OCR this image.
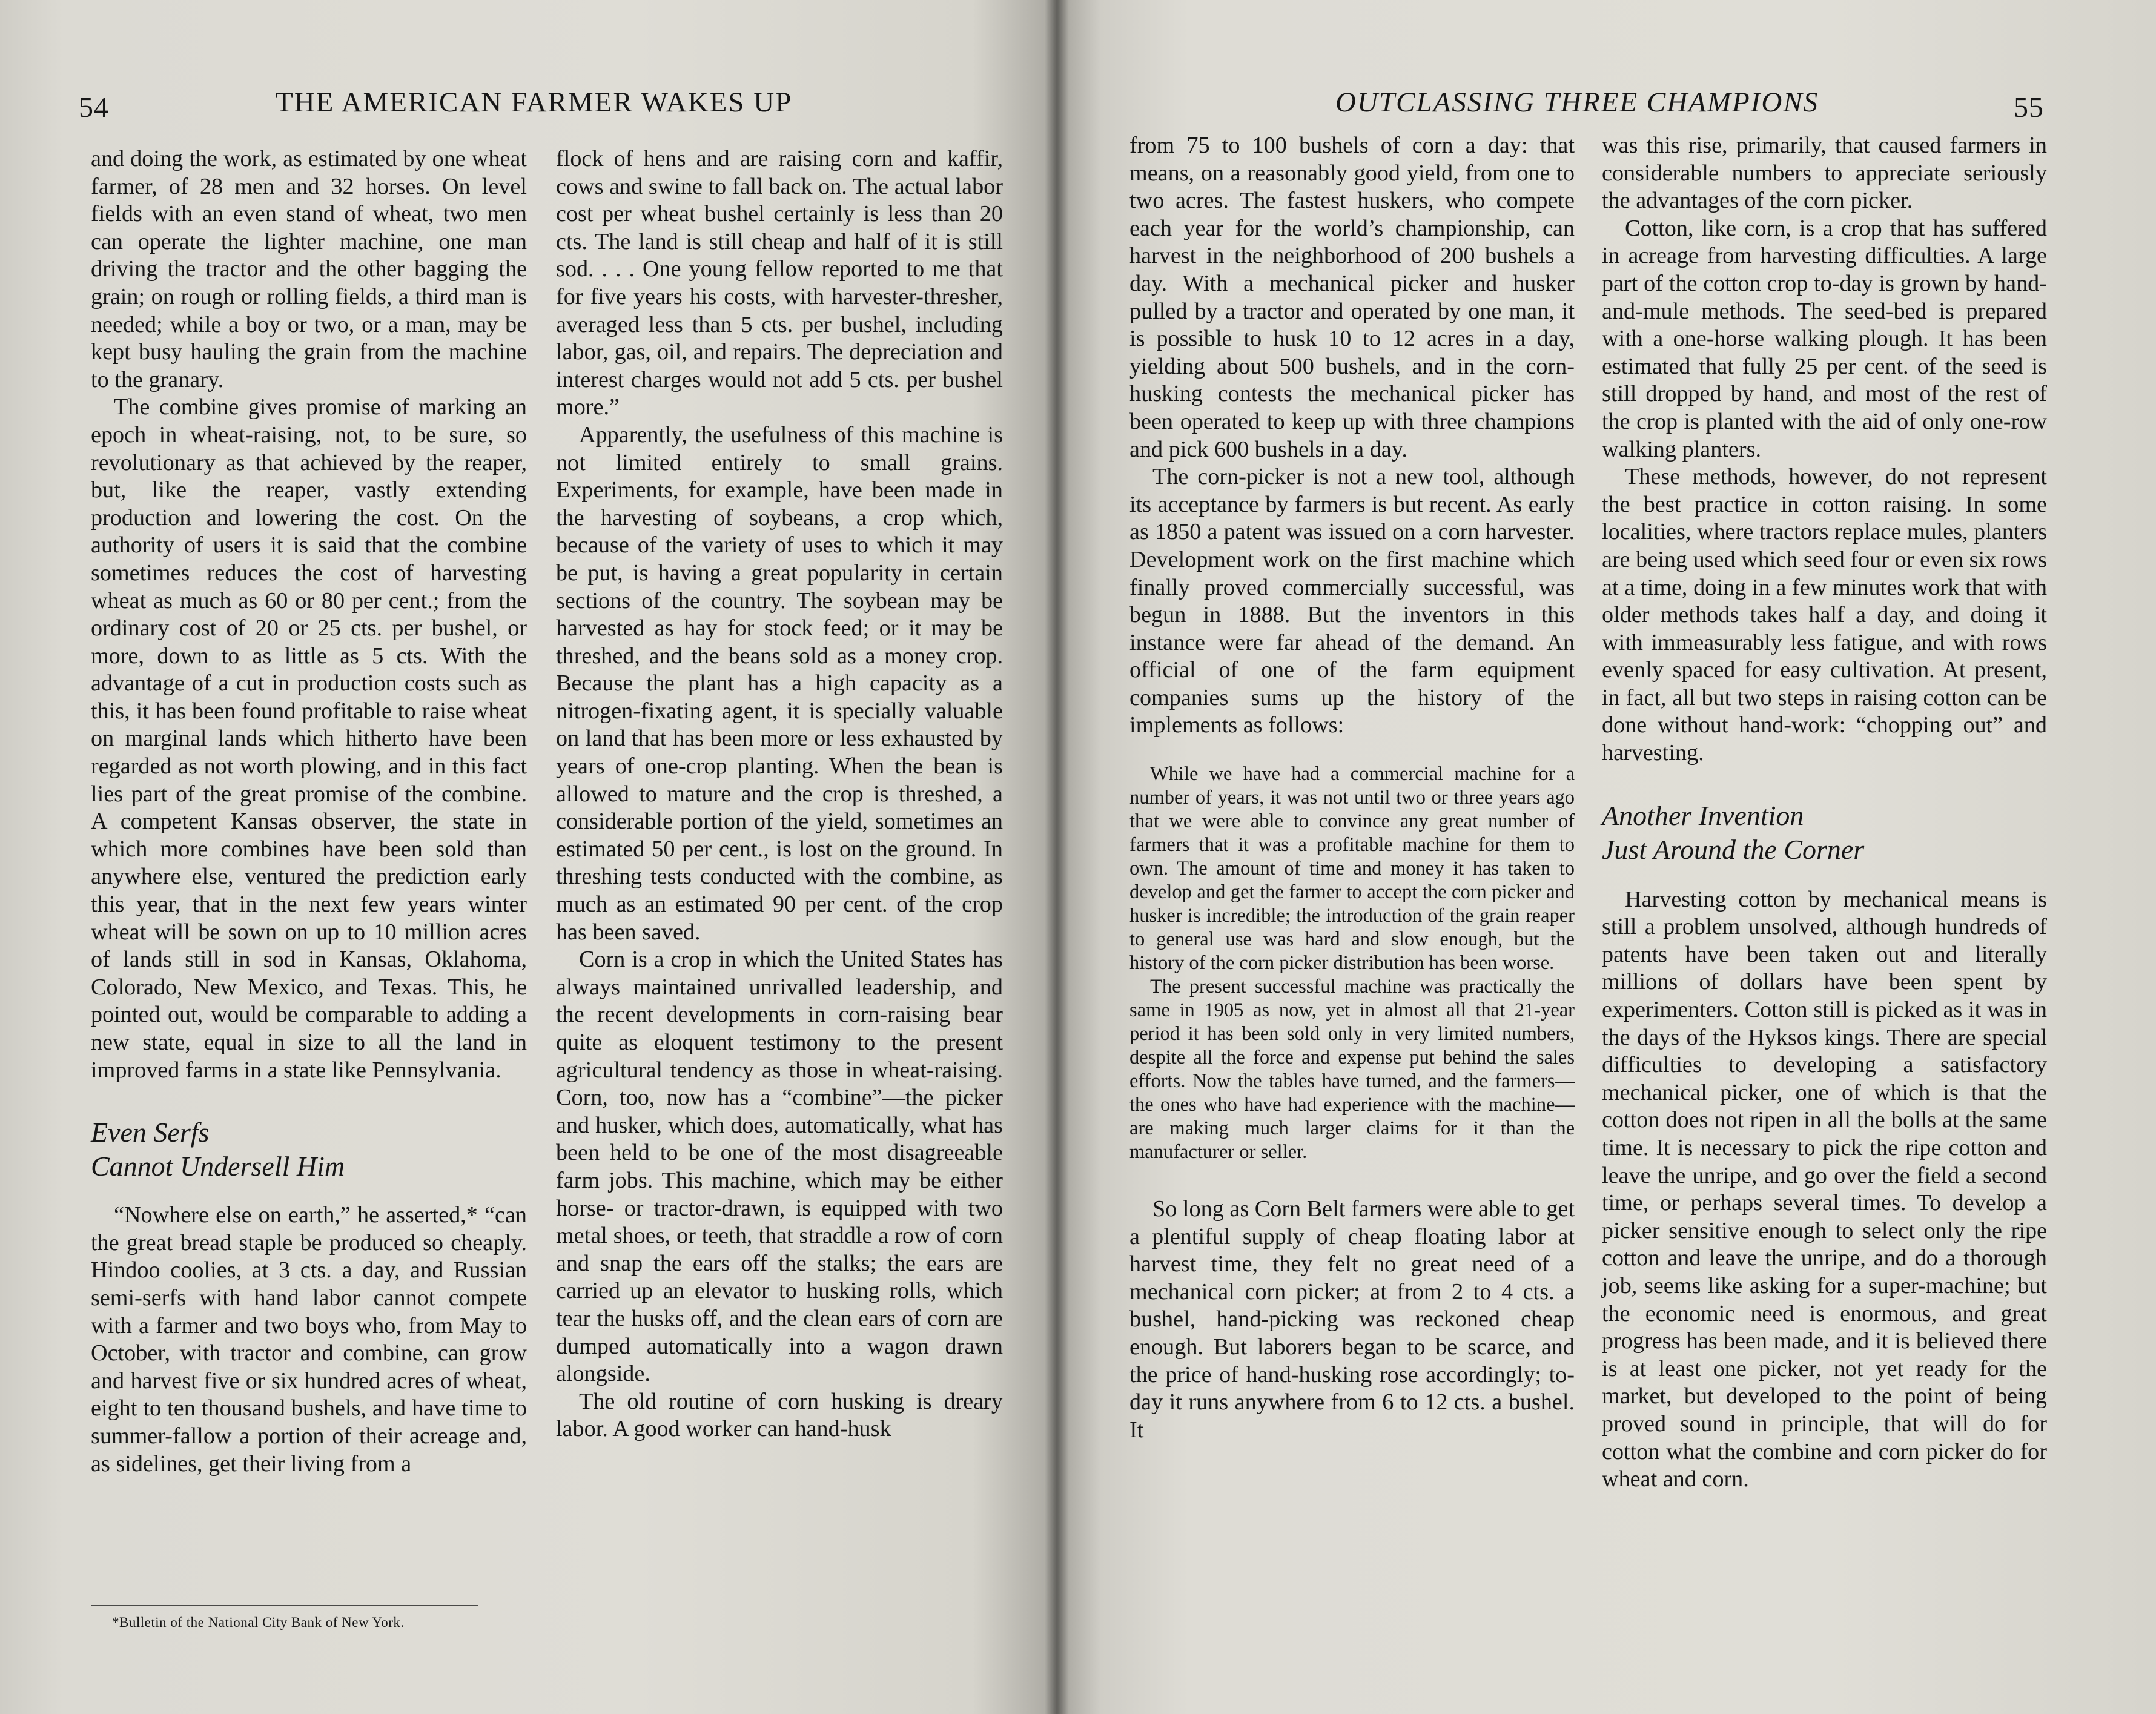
54	THE AMERICAN FARMER WAKES UP

and doing the work, as estimated by one wheat farmer, of 28 men and 32 horses. On level fields with an even stand of wheat, two men can operate the lighter machine, one man driving the tractor and the other bagging the grain; on rough or rolling fields, a third man is needed; while a boy or two, or a man, may be kept busy hauling the grain from the machine to the granary.

The combine gives promise of marking an epoch in wheat-raising, not, to be sure, so revolutionary as that achieved by the reaper, but, like the reaper, vastly extending production and lowering the cost. On the authority of users it is said that the combine sometimes reduces the cost of harvesting wheat as much as 60 or 80 per cent.; from the ordinary cost of 20 or 25 cts. per bushel, or more, down to as little as 5 cts. With the advantage of a cut in production costs such as this, it has been found profitable to raise wheat on marginal lands which hitherto have been regarded as not worth plowing, and in this fact lies part of the great promise of the combine. A competent Kansas observer, the state in which more combines have been sold than anywhere else, ventured the prediction early this year, that in the next few years winter wheat will be sown on up to 10 million acres of lands still in sod in Kansas, Oklahoma, Colorado, New Mexico, and Texas. This, he pointed out, would be comparable to adding a new state, equal in size to all the land in improved farms in a state like Pennsylvania.

Even Serfs
Cannot Undersell Him

“Nowhere else on earth,” he asserted,* “can the great bread staple be produced so cheaply. Hindoo coolies, at 3 cts. a day, and Russian semi-serfs with hand labor cannot compete with a farmer and two boys who, from May to October, with tractor and combine, can grow and harvest five or six hundred acres of wheat, eight to ten thousand bushels, and have time to summer-fallow a portion of their acreage and, as sidelines, get their living from a

flock of hens and are raising corn and kaffir, cows and swine to fall back on. The actual labor cost per wheat bushel certainly is less than 20 cts. The land is still cheap and half of it is still sod. . . . One young fellow reported to me that for five years his costs, with harvester-thresher, averaged less than 5 cts. per bushel, including labor, gas, oil, and repairs. The depreciation and interest charges would not add 5 cts. per bushel more.”

Apparently, the usefulness of this machine is not limited entirely to small grains. Experiments, for example, have been made in the harvesting of soybeans, a crop which, because of the variety of uses to which it may be put, is having a great popularity in certain sections of the country. The soybean may be harvested as hay for stock feed; or it may be threshed, and the beans sold as a money crop. Because the plant has a high capacity as a nitrogen-fixating agent, it is specially valuable on land that has been more or less exhausted by years of one-crop planting. When the bean is allowed to mature and the crop is threshed, a considerable portion of the yield, sometimes an estimated 50 per cent., is lost on the ground. In threshing tests conducted with the combine, as much as an estimated 90 per cent. of the crop has been saved.

Corn is a crop in which the United States has always maintained unrivalled leadership, and the recent developments in corn-raising bear quite as eloquent testimony to the present agricultural tendency as those in wheat-raising. Corn, too, now has a “combine”—the picker and husker, which does, automatically, what has been held to be one of the most disagreeable farm jobs. This machine, which may be either horse- or tractor-drawn, is equipped with two metal shoes, or teeth, that straddle a row of corn and snap the ears off the stalks; the ears are carried up an elevator to husking rolls, which tear the husks off, and the clean ears of corn are dumped automatically into a wagon drawn alongside.

The old routine of corn husking is dreary labor. A good worker can hand-husk

*Bulletin of the National City Bank of New York.
OUTCLASSING THREE CHAMPIONS	55

from 75 to 100 bushels of corn a day: that means, on a reasonably good yield, from one to two acres. The fastest huskers, who compete each year for the world’s championship, can harvest in the neighborhood of 200 bushels a day. With a mechanical picker and husker pulled by a tractor and operated by one man, it is possible to husk 10 to 12 acres in a day, yielding about 500 bushels, and in the corn-husking contests the mechanical picker has been operated to keep up with three champions and pick 600 bushels in a day.

The corn-picker is not a new tool, although its acceptance by farmers is but recent. As early as 1850 a patent was issued on a corn harvester. Development work on the first machine which finally proved commercially successful, was begun in 1888. But the inventors in this instance were far ahead of the demand. An official of one of the farm equipment companies sums up the history of the implements as follows:

While we have had a commercial machine for a number of years, it was not until two or three years ago that we were able to convince any great number of farmers that it was a profitable machine for them to own. The amount of time and money it has taken to develop and get the farmer to accept the corn picker and husker is incredible; the introduction of the grain reaper to general use was hard and slow enough, but the history of the corn picker distribution has been worse.

The present successful machine was practically the same in 1905 as now, yet in almost all that 21-year period it has been sold only in very limited numbers, despite all the force and expense put behind the sales efforts. Now the tables have turned, and the farmers—the ones who have had experience with the machine—are making much larger claims for it than the manufacturer or seller.

So long as Corn Belt farmers were able to get a plentiful supply of cheap floating labor at harvest time, they felt no great need of a mechanical corn picker; at from 2 to 4 cts. a bushel, hand-picking was reckoned cheap enough. But laborers began to be scarce, and the price of hand-husking rose accordingly; to-day it runs anywhere from 6 to 12 cts. a bushel. It

was this rise, primarily, that caused farmers in considerable numbers to appreciate seriously the advantages of the corn picker.

Cotton, like corn, is a crop that has suffered in acreage from harvesting difficulties. A large part of the cotton crop to-day is grown by hand-and-mule methods. The seed-bed is prepared with a one-horse walking plough. It has been estimated that fully 25 per cent. of the seed is still dropped by hand, and most of the rest of the crop is planted with the aid of only one-row walking planters.

These methods, however, do not represent the best practice in cotton raising. In some localities, where tractors replace mules, planters are being used which seed four or even six rows at a time, doing in a few minutes work that with older methods takes half a day, and doing it with immeasurably less fatigue, and with rows evenly spaced for easy cultivation. At present, in fact, all but two steps in raising cotton can be done without hand-work: “chopping out” and harvesting.

Another Invention
Just Around the Corner

Harvesting cotton by mechanical means is still a problem unsolved, although hundreds of patents have been taken out and literally millions of dollars have been spent by experimenters. Cotton still is picked as it was in the days of the Hyksos kings. There are special difficulties to developing a satisfactory mechanical picker, one of which is that the cotton does not ripen in all the bolls at the same time. It is necessary to pick the ripe cotton and leave the unripe, and go over the field a second time, or perhaps several times. To develop a picker sensitive enough to select only the ripe cotton and leave the unripe, and do a thorough job, seems like asking for a super-machine; but the economic need is enormous, and great progress has been made, and it is believed there is at least one picker, not yet ready for the market, but developed to the point of being proved sound in principle, that will do for cotton what the combine and corn picker do for wheat and corn.
